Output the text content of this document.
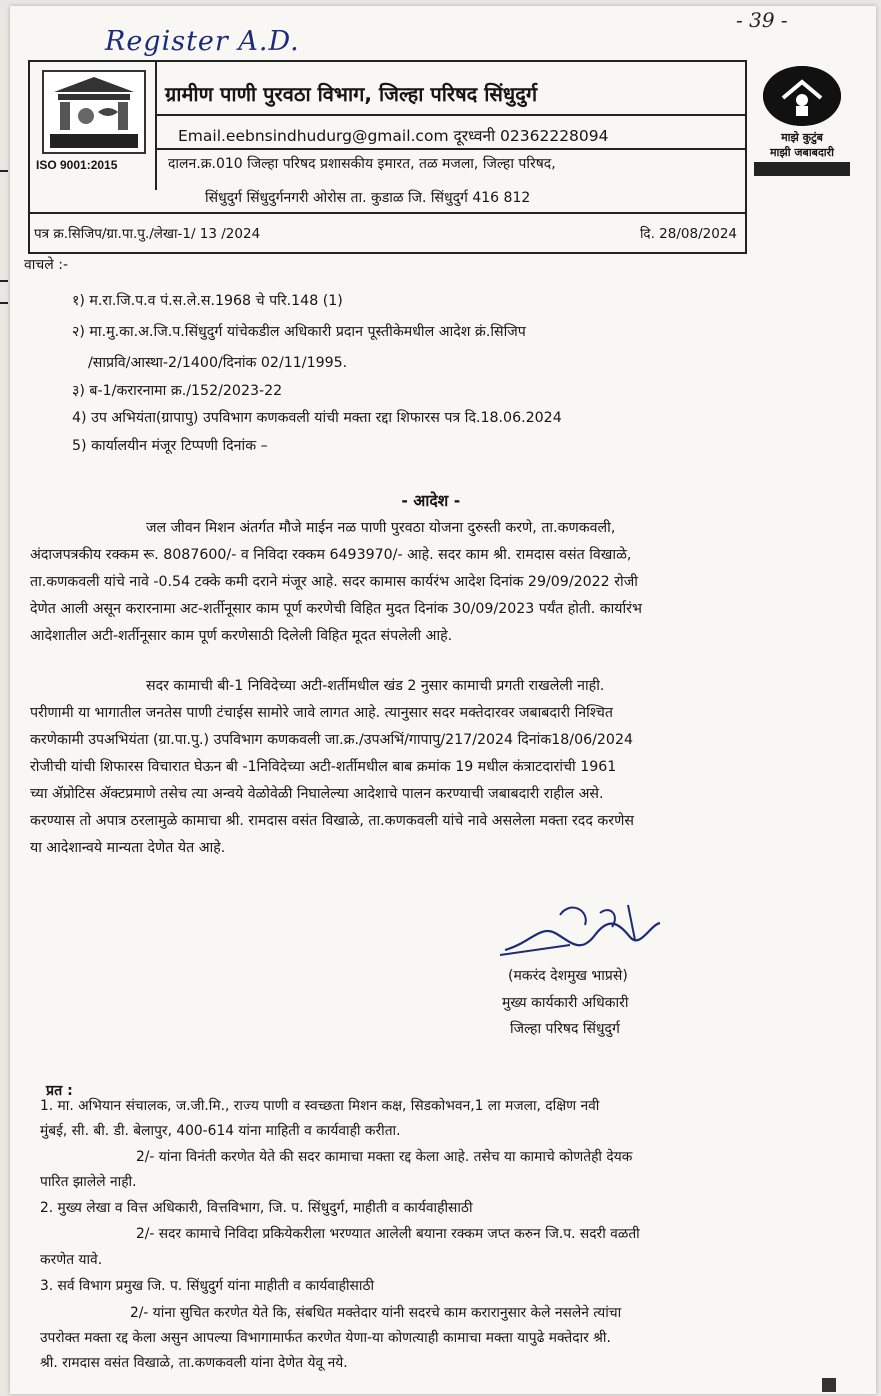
Register A.D.
- 39 -
ISO 9001:2015
ग्रामीण पाणी पुरवठा विभाग, जिल्हा परिषद सिंधुदुर्ग
Email.eebnsindhudurg@gmail.com दूरध्वनी 02362228094
दालन.क्र.010 जिल्हा परिषद प्रशासकीय इमारत, तळ मजला, जिल्हा परिषद,
सिंधुदुर्ग सिंधुदुर्गनगरी ओरोस ता. कुडाळ जि. सिंधुदुर्ग 416 812
पत्र क्र.सिजिप/ग्रा.पा.पु./लेखा-1/ 13 /2024	दि. 28/08/2024
माझे कुटुंब
माझी जबाबदारी
वाचले :-
१) म.रा.जि.प.व पं.स.ले.स.1968 चे परि.148 (1)
२) मा.मु.का.अ.जि.प.सिंधुदुर्ग यांचेकडील अधिकारी प्रदान पूस्तीकेमधील आदेश क्रं.सिजिप
/साप्रवि/आस्था-2/1400/दिनांक 02/11/1995.
३) ब-1/करारनामा क्र./152/2023-22
4) उप अभियंता(ग्रापापु) उपविभाग कणकवली यांची मक्ता रद्दा शिफारस पत्र दि.18.06.2024
5) कार्यालयीन मंजूर टिप्पणी दिनांक –
- आदेश -
जल जीवन मिशन अंतर्गत मौजे माईन नळ पाणी पुरवठा योजना दुरुस्ती करणे, ता.कणकवली,
अंदाजपत्रकीय रक्कम रू. 8087600/- व निविदा रक्कम 6493970/- आहे. सदर काम श्री. रामदास वसंत विखाळे,
ता.कणकवली यांचे नावे -0.54 टक्के कमी दराने मंजूर आहे. सदर कामास कार्यरंभ आदेश दिनांक 29/09/2022 रोजी
देणेत आली असून करारनामा अट-शर्तीनूसार काम पूर्ण करणेची विहित मुदत दिनांक 30/09/2023 पर्यंत होती. कार्यारंभ
आदेशातील अटी-शर्तीनूसार काम पूर्ण करणेसाठी दिलेली विहित मूदत संपलेली आहे.
सदर कामाची बी-1 निविदेच्या अटी-शर्तीमधील खंड 2 नुसार कामाची प्रगती राखलेली नाही.
परीणामी या भागातील जनतेस पाणी टंचाईस सामोरे जावे लागत आहे. त्यानुसार सदर मक्तेदारवर जबाबदारी निश्चित
करणेकामी उपअभियंता (ग्रा.पा.पु.) उपविभाग कणकवली जा.क्र./उपअभिं/गापापु/217/2024 दिनांक18/06/2024
रोजीची यांची शिफारस विचारात घेऊन बी -1निविदेच्या अटी-शर्तीमधील बाब क्रमांक 19 मधील कंत्राटदारांची 1961
च्या ॲप्रोटिस ॲक्टप्रमाणे तसेच त्या अन्वये वेळोवेळी निघालेल्या आदेशाचे पालन करण्याची जबाबदारी राहील असे.
करण्यास तो अपात्र ठरलामुळे कामाचा श्री. रामदास वसंत विखाळे, ता.कणकवली यांचे नावे असलेला मक्ता रदद करणेस
या आदेशान्वये मान्यता देणेत येत आहे.
(मकरंद देशमुख भाप्रसे)
मुख्य कार्यकारी अधिकारी
जिल्हा परिषद सिंधुदुर्ग
प्रत :
1. मा. अभियान संचालक, ज.जी.मि., राज्य पाणी व स्वच्छता मिशन कक्ष, सिडकोभवन,1 ला मजला, दक्षिण नवी
मुंबई, सी. बी. डी. बेलापुर, 400-614 यांना माहिती व कार्यवाही करीता.
2/- यांना विनंती करणेत येते की सदर कामाचा मक्ता रद्द केला आहे. तसेच या कामाचे कोणतेही देयक
पारित झालेले नाही.
2. मुख्य लेखा व वित्त अधिकारी, वित्तविभाग, जि. प. सिंधुदुर्ग, माहीती व कार्यवाहीसाठी
2/- सदर कामाचे निविदा प्रकियेकरीला भरण्यात आलेली बयाना रक्कम जप्त करुन जि.प. सदरी वळती
करणेत यावे.
3. सर्व विभाग प्रमुख जि. प. सिंधुदुर्ग यांना माहीती व कार्यवाहीसाठी
2/- यांना सुचित करणेत येते कि, संबधित मक्तेदार यांनी सदरचे काम करारानुसार केले नसलेने त्यांचा
उपरोक्त मक्ता रद्द केला असुन आपल्या विभागामार्फत करणेत येणा-या कोणत्याही कामाचा मक्ता यापुढे मक्तेदार श्री.
श्री. रामदास वसंत विखाळे, ता.कणकवली यांना देणेत येवू नये.
